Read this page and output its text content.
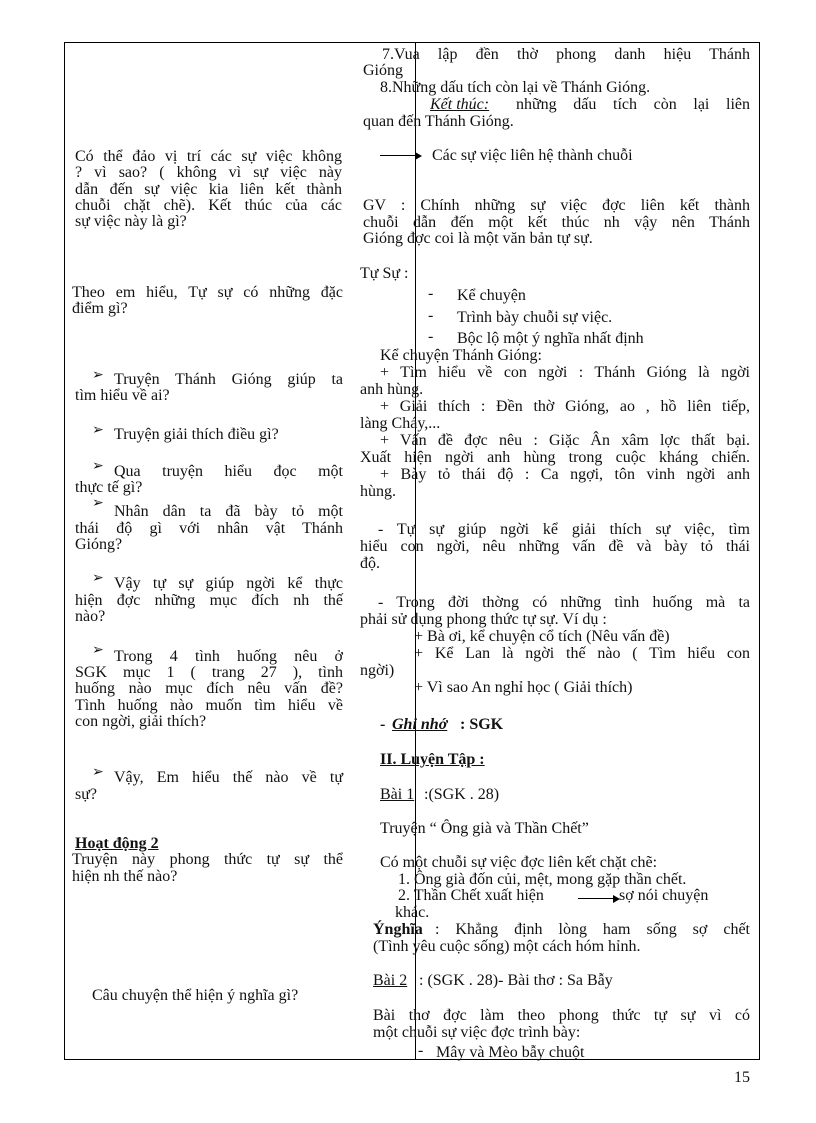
Có thể đảo vị trí các sự việc không
? vì sao? ( không vì sự việc này
dẫn đến sự việc kia liên kết thành
chuỗi chặt chẽ). Kết thúc của các
sự việc này là gì?
Theo em hiểu, Tự sự có những đặc
điểm gì?
➢ Truyện Thánh Gióng giúp ta
tìm hiểu về ai?
➢ Truyện giải thích điều gì?
➢ Qua truyện hiểu đọc một
thực tế gì?
➢ Nhân dân ta đã bày tỏ một
thái độ gì với nhân vật Thánh
Gióng?
➢ Vậy tự sự giúp ngời kể thực
hiện đợc những mục đích nh thế
nào?
➢ Trong 4 tình huống nêu ở
SGK mục 1 ( trang 27 ), tình
huống nào mục đích nêu vấn đề?
Tình huống nào muốn tìm hiểu về
con ngời, giải thích?
➢ Vậy, Em hiểu thế nào về tự
sự?
Hoạt động 2
Truyện này phong thức tự sự thể
hiện nh thế nào?
Câu chuyện thể hiện ý nghĩa gì?
7.Vua lập đền thờ phong danh hiệu Thánh
Gióng
8.Những dấu tích còn lại về Thánh Gióng.
Kết thúc: những dấu tích còn lại liên
quan đến Thánh Gióng.
Các sự việc liên hệ thành chuỗi
GV : Chính những sự việc đợc liên kết thành
chuỗi dẫn đến một kết thúc nh vậy nên Thánh
Gióng đợc coi là một văn bản tự sự.
Tự Sự :
- Kể chuyện
- Trình bày chuỗi sự việc.
- Bộc lộ một ý nghĩa nhất định
Kể chuyện Thánh Gióng:
+ Tìm hiểu về con ngời : Thánh Gióng là ngời
anh hùng.
+ Giải thích : Đền thờ Gióng, ao , hồ liên tiếp,
làng Cháy,...
+ Vấn đề đợc nêu : Giặc Ân xâm lợc thất bại.
Xuất hiện ngời anh hùng trong cuộc kháng chiến.
+ Bày tỏ thái độ : Ca ngợi, tôn vinh ngời anh
hùng.
- Tự sự giúp ngời kể giải thích sự việc, tìm
hiểu con ngời, nêu những vấn đề và bày tỏ thái
độ.
- Trong đời thờng có những tình huống mà ta
phải sử dụng phong thức tự sự. Ví dụ :
+ Bà ơi, kể chuyện cổ tích (Nêu vấn đề)
+ Kể Lan là ngời thế nào ( Tìm hiểu con
ngời)
+ Vì sao An nghỉ học ( Giải thích)
- Ghi nhớ : SGK
II. Luyện Tập :
Bài 1 :(SGK . 28)
Truyện “ Ông già và Thần Chết”
Có một chuỗi sự việc đợc liên kết chặt chẽ:
1. Ông già đốn củi, mệt, mong gặp thần chết.
2. Thần Chết xuất hiện	sợ nói chuyện
khác.
Ýnghĩa : Khẳng định lòng ham sống sợ chết
(Tình yêu cuộc sống) một cách hóm hỉnh.
Bài 2 : (SGK . 28)- Bài thơ : Sa Bẫy
Bài thơ đợc làm theo phong thức tự sự vì có
một chuỗi sự việc đợc trình bày:
- Mây và Mèo bẫy chuột
15
